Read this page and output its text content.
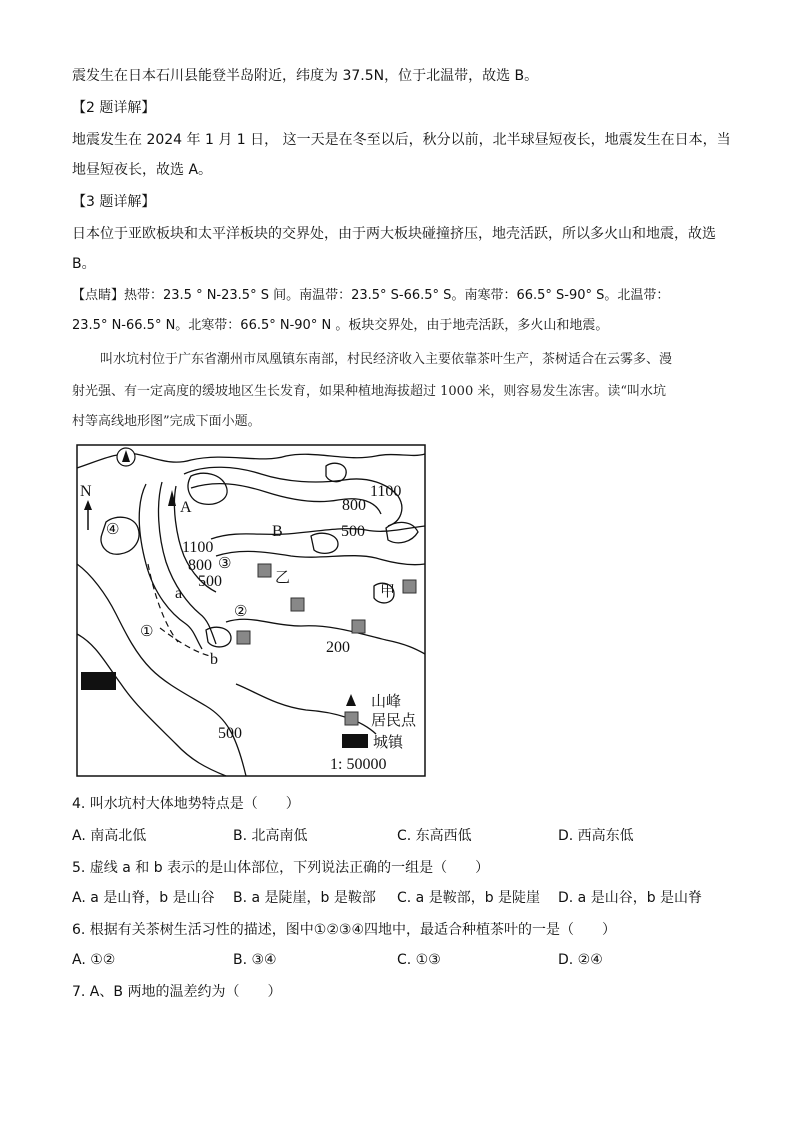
震发生在日本石川县能登半岛附近，纬度为 37.5N，位于北温带，故选 B。
【2 题详解】
地震发生在 2024 年 1 月 1 日， 这一天是在冬至以后，秋分以前，北半球昼短夜长，地震发生在日本，当
地昼短夜长，故选 A。
【3 题详解】
日本位于亚欧板块和太平洋板块的交界处，由于两大板块碰撞挤压，地壳活跃，所以多火山和地震，故选
B。
【点睛】热带：23.5 ° N-23.5° S 间。南温带：23.5° S-66.5° S。南寒带：66.5° S-90° S。北温带：
23.5° N-66.5° N。北寒带：66.5° N-90° N 。板块交界处，由于地壳活跃，多火山和地震。
叫水坑村位于广东省潮州市凤凰镇东南部，村民经济收入主要依靠茶叶生产，茶树适合在云雾多、漫
射光强、有一定高度的缓坡地区生长发育，如果种植地海拔超过 1000 米，则容易发生冻害。读“叫水坑
村等高线地形图”完成下面小题。
N
A
B
a
b
甲
乙
④
③
②
①
1100
800
500
1100
800
500
200
500
山峰
居民点
城镇
1: 50000
4. 叫水坑村大体地势特点是（　　）
A. 南高北低	B. 北高南低	C. 东高西低	D. 西高东低
5. 虚线 a 和 b 表示的是山体部位，下列说法正确的一组是（　　）
A. a 是山脊，b 是山谷 B. a 是陡崖，b 是鞍部 C. a 是鞍部，b 是陡崖 D. a 是山谷，b 是山脊
6. 根据有关茶树生活习性的描述，图中①②③④四地中，最适合种植茶叶的一是（　　）
A. ①②	B. ③④	C. ①③	D. ②④
7. A、B 两地的温差约为（　　）
